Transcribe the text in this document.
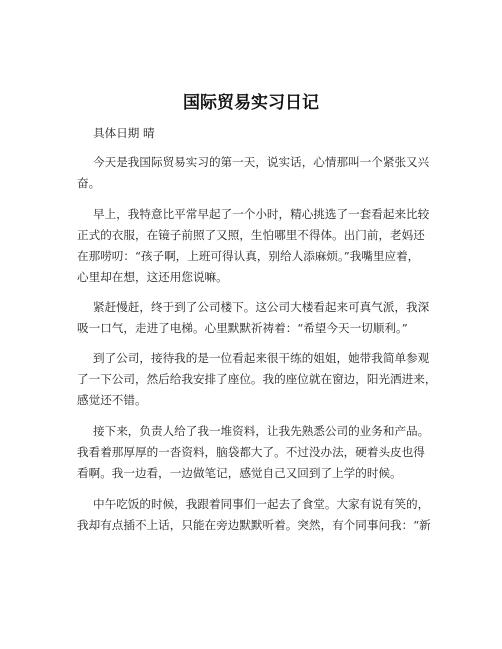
国际贸易实习日记
具体日期 晴
今天是我国际贸易实习的第一天，说实话，心情那叫一个紧张又兴
奋。
早上，我特意比平常早起了一个小时，精心挑选了一套看起来比较
正式的衣服，在镜子前照了又照，生怕哪里不得体。出门前，老妈还
在那唠叨：“孩子啊，上班可得认真，别给人添麻烦。”我嘴里应着，
心里却在想，这还用您说嘛。
紧赶慢赶，终于到了公司楼下。这公司大楼看起来可真气派，我深
吸一口气，走进了电梯。心里默默祈祷着：“希望今天一切顺利。”
到了公司，接待我的是一位看起来很干练的姐姐，她带我简单参观
了一下公司，然后给我安排了座位。我的座位就在窗边，阳光洒进来，
感觉还不错。
接下来，负责人给了我一堆资料，让我先熟悉公司的业务和产品。
我看着那厚厚的一沓资料，脑袋都大了。不过没办法，硬着头皮也得
看啊。我一边看，一边做笔记，感觉自己又回到了上学的时候。
中午吃饭的时候，我跟着同事们一起去了食堂。大家有说有笑的，
我却有点插不上话，只能在旁边默默听着。突然，有个同事问我：“新
